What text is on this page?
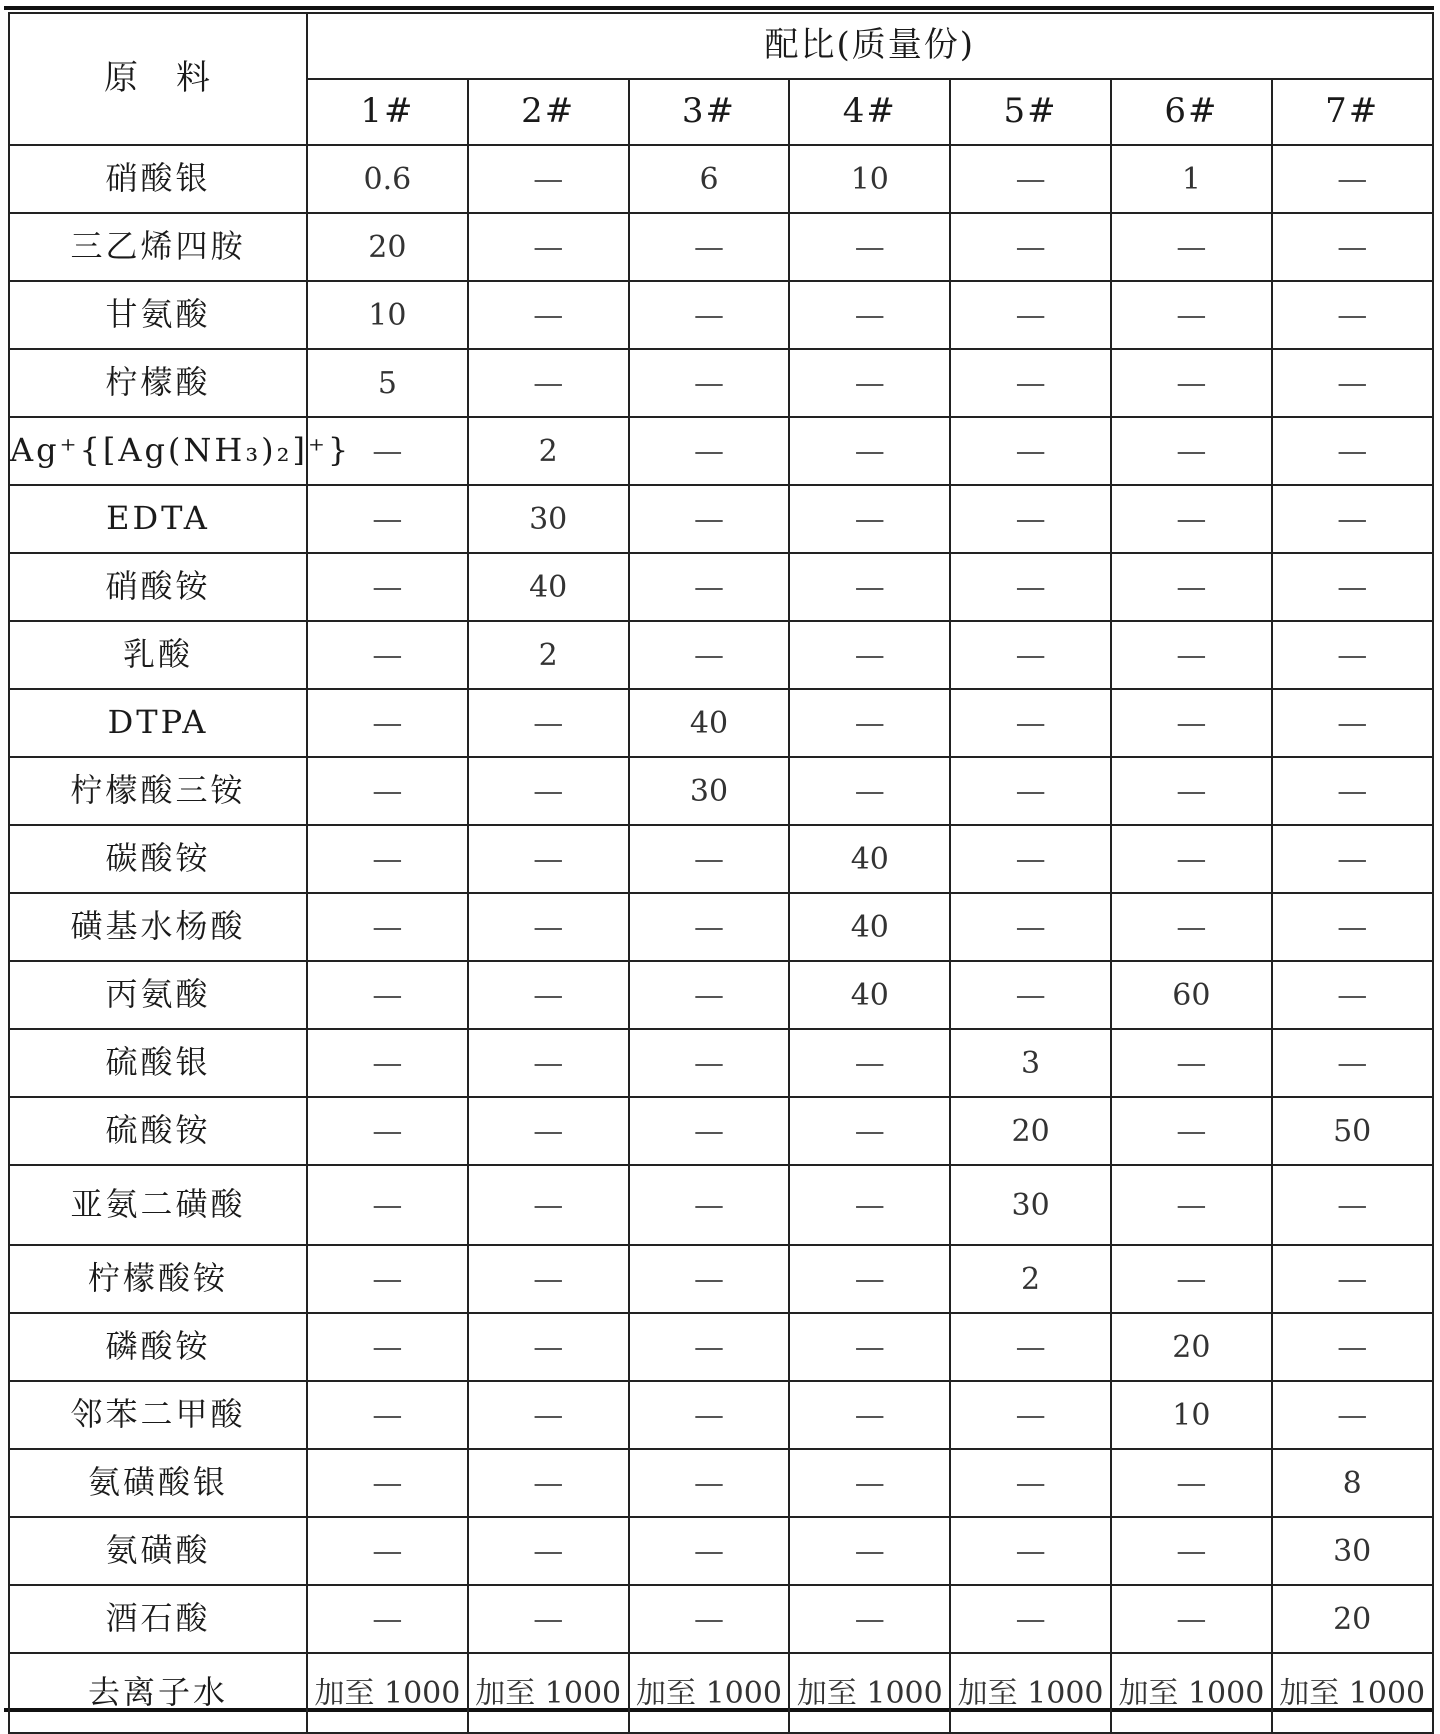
原　料	配比(质量份)						
	1#	2#	3#	4#	5#	6#	7#
硝酸银	0.6	—	6	10	—	1	—
三乙烯四胺	20	—	—	—	—	—	—
甘氨酸	10	—	—	—	—	—	—
柠檬酸	5	—	—	—	—	—	—
Ag⁺{[Ag(NH₃)₂]⁺}	—	2	—	—	—	—	—
EDTA	—	30	—	—	—	—	—
硝酸铵	—	40	—	—	—	—	—
乳酸	—	2	—	—	—	—	—
DTPA	—	—	40	—	—	—	—
柠檬酸三铵	—	—	30	—	—	—	—
碳酸铵	—	—	—	40	—	—	—
磺基水杨酸	—	—	—	40	—	—	—
丙氨酸	—	—	—	40	—	60	—
硫酸银	—	—	—	—	3	—	—
硫酸铵	—	—	—	—	20	—	50
亚氨二磺酸	—	—	—	—	30	—	—
柠檬酸铵	—	—	—	—	2	—	—
磷酸铵	—	—	—	—	—	20	—
邻苯二甲酸	—	—	—	—	—	10	—
氨磺酸银	—	—	—	—	—	—	8
氨磺酸	—	—	—	—	—	—	30
酒石酸	—	—	—	—	—	—	20
去离子水	加至 1000	加至 1000	加至 1000	加至 1000	加至 1000	加至 1000	加至 1000
